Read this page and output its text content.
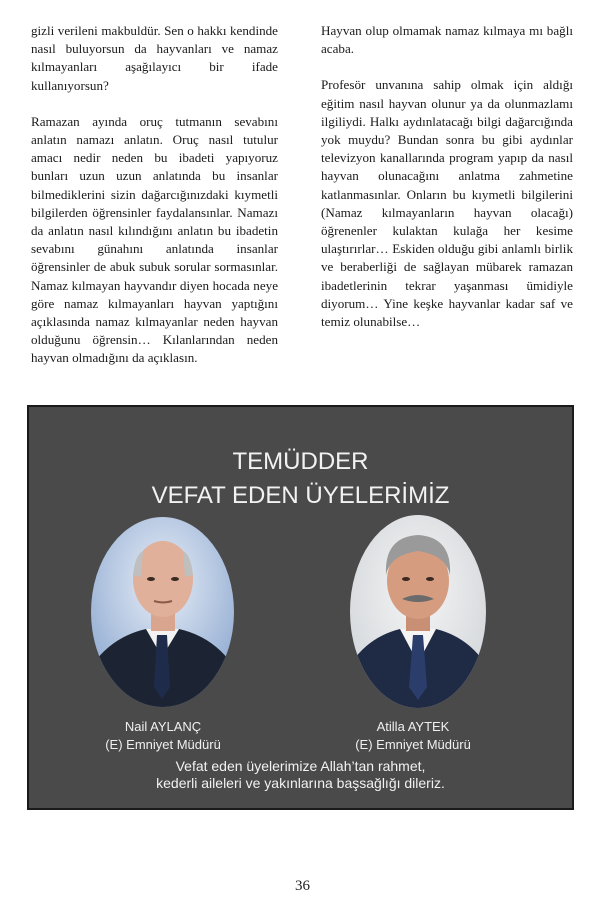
gizli verileni makbuldür. Sen o hakkı kendinde nasıl buluyorsun da hayvanları ve namaz kılmayanları aşağılayıcı bir ifade kullanıyorsun?

Ramazan ayında oruç tutmanın sevabını anlatın namazı anlatın. Oruç nasıl tutulur amacı nedir neden bu ibadeti yapıyoruz bunları uzun uzun anlatında bu insanlar bilmediklerini sizin dağarcığınızdaki kıymetli bilgilerden öğrensinler faydalansınlar. Namazı da anlatın nasıl kılındığını anlatın bu ibadetin sevabını günahını anlatında insanlar öğrensinler de abuk subuk sorular sormasınlar. Namaz kılmayan hayvandır diyen hocada neye göre namaz kılmayanları hayvan yaptığını açıklasında namaz kılmayanlar neden hayvan olduğunu öğrensin… Kılanlarından neden hayvan olmadığını da açıklasın.

Hayvan olup olmamak namaz kılmaya mı bağlı acaba.

Profesör unvanına sahip olmak için aldığı eğitim nasıl hayvan olunur ya da olunmazlamı ilgiliydi. Halkı aydınlatacağı bilgi dağarcığında yok muydu? Bundan sonra bu gibi aydınlar televizyon kanallarında program yapıp da nasıl hayvan olunacağını anlatma zahmetine katlanmasınlar. Onların bu kıymetli bilgilerini (Namaz kılmayanların hayvan olacağı) öğrenenler kulaktan kulağa her kesime ulaştırırlar… Eskiden olduğu gibi anlamlı birlik ve beraberliği de sağlayan mübarek ramazan ibadetlerinin tekrar yaşanması ümidiyle diyorum… Yine keşke hayvanlar kadar saf ve temiz olunabilse…

TEMÜDDER
VEFAT EDEN ÜYELERİMİZ
Nail AYLANÇ
(E) Emniyet Müdürü
Atilla AYTEK
(E) Emniyet Müdürü
Vefat eden üyelerimize Allah’tan rahmet,
kederli aileleri ve yakınlarına başsağlığı dileriz.
36
